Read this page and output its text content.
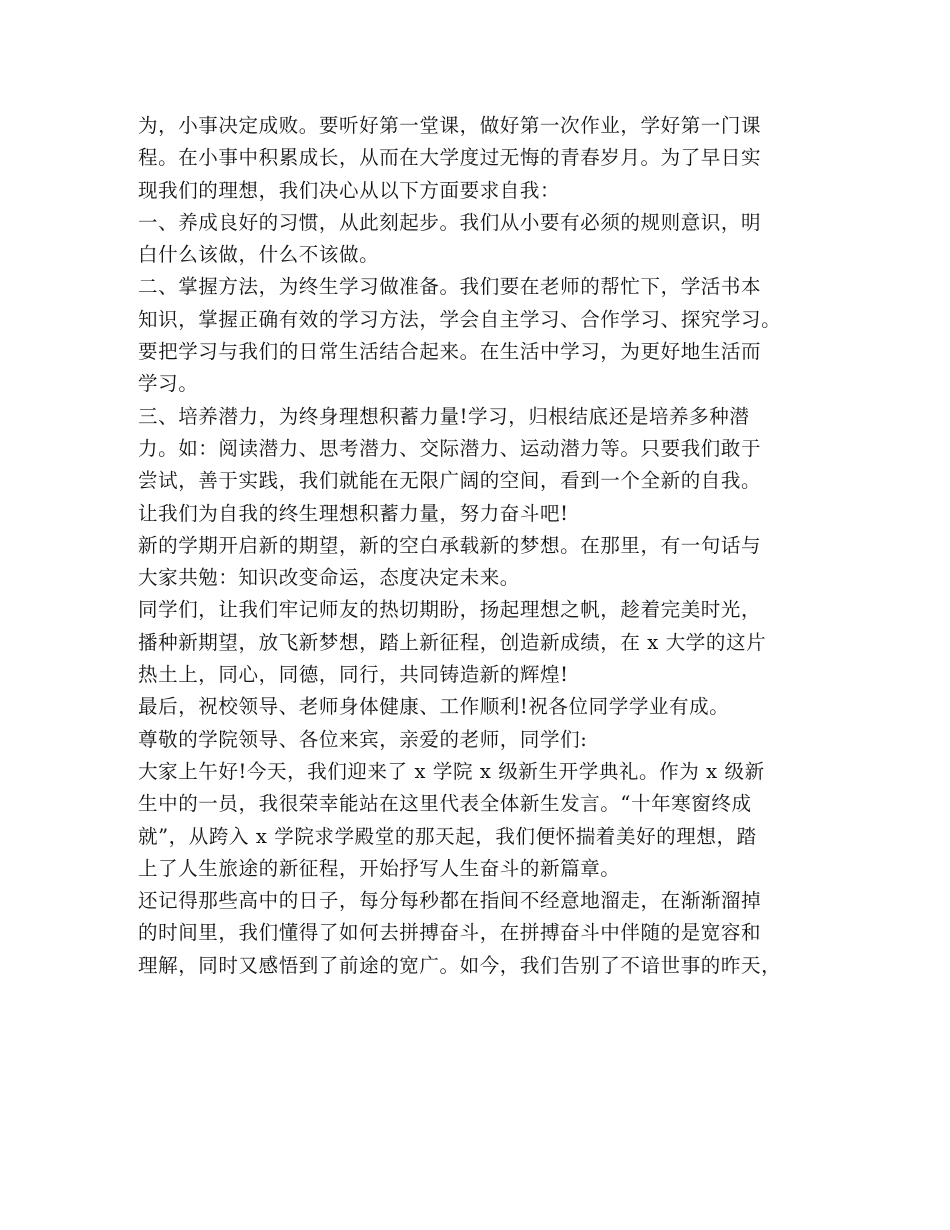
为，小事决定成败。要听好第一堂课，做好第一次作业，学好第一门课
程。在小事中积累成长，从而在大学度过无悔的青春岁月。为了早日实
现我们的理想，我们决心从以下方面要求自我：
一、养成良好的习惯，从此刻起步。我们从小要有必须的规则意识，明
白什么该做，什么不该做。
二、掌握方法，为终生学习做准备。我们要在老师的帮忙下，学活书本
知识，掌握正确有效的学习方法，学会自主学习、合作学习、探究学习。
要把学习与我们的日常生活结合起来。在生活中学习，为更好地生活而
学习。
三、培养潜力，为终身理想积蓄力量!学习，归根结底还是培养多种潜
力。如：阅读潜力、思考潜力、交际潜力、运动潜力等。只要我们敢于
尝试，善于实践，我们就能在无限广阔的空间，看到一个全新的自我。
让我们为自我的终生理想积蓄力量，努力奋斗吧!
新的学期开启新的期望，新的空白承载新的梦想。在那里，有一句话与
大家共勉：知识改变命运，态度决定未来。
同学们，让我们牢记师友的热切期盼，扬起理想之帆，趁着完美时光，
播种新期望，放飞新梦想，踏上新征程，创造新成绩，在 x 大学的这片
热土上，同心，同德，同行，共同铸造新的辉煌!
最后，祝校领导、老师身体健康、工作顺利!祝各位同学学业有成。
尊敬的学院领导、各位来宾，亲爱的老师，同学们:
大家上午好!今天，我们迎来了 x 学院 x 级新生开学典礼。作为 x 级新
生中的一员，我很荣幸能站在这里代表全体新生发言。“十年寒窗终成
就”，从跨入 x 学院求学殿堂的那天起，我们便怀揣着美好的理想，踏
上了人生旅途的新征程，开始抒写人生奋斗的新篇章。
还记得那些高中的日子，每分每秒都在指间不经意地溜走，在渐渐溜掉
的时间里，我们懂得了如何去拼搏奋斗，在拼搏奋斗中伴随的是宽容和
理解，同时又感悟到了前途的宽广。如今，我们告别了不谙世事的昨天，
